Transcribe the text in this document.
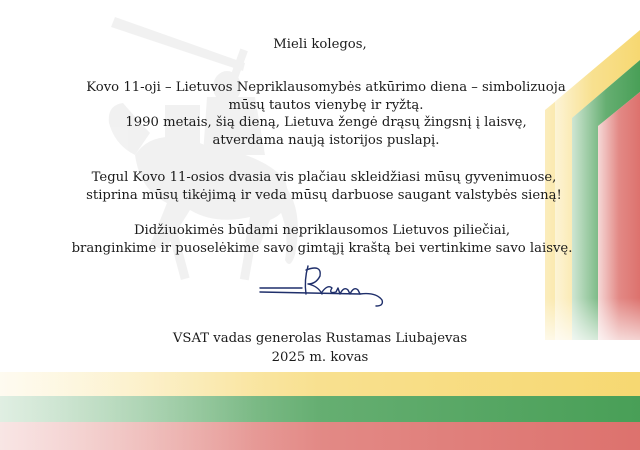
Mieli kolegos,

Kovo 11-oji – Lietuvos Nepriklausomybės atkūrimo diena – simbolizuoja

mūsų tautos vienybę ir ryžtą.

1990 metais, šią dieną, Lietuva žengė drąsų žingsnį į laisvę,

atverdama naują istorijos puslapį.

Tegul Kovo 11-osios dvasia vis plačiau skleidžiasi mūsų gyvenimuose,

stiprina mūsų tikėjimą ir veda mūsų darbuose saugant valstybės sieną!

Didžiuokimės būdami nepriklausomos Lietuvos piliečiai,

branginkime ir puoselėkime savo gimtąjį kraštą bei vertinkime savo laisvę.

VSAT vadas generolas Rustamas Liubajevas
2025 m. kovas
